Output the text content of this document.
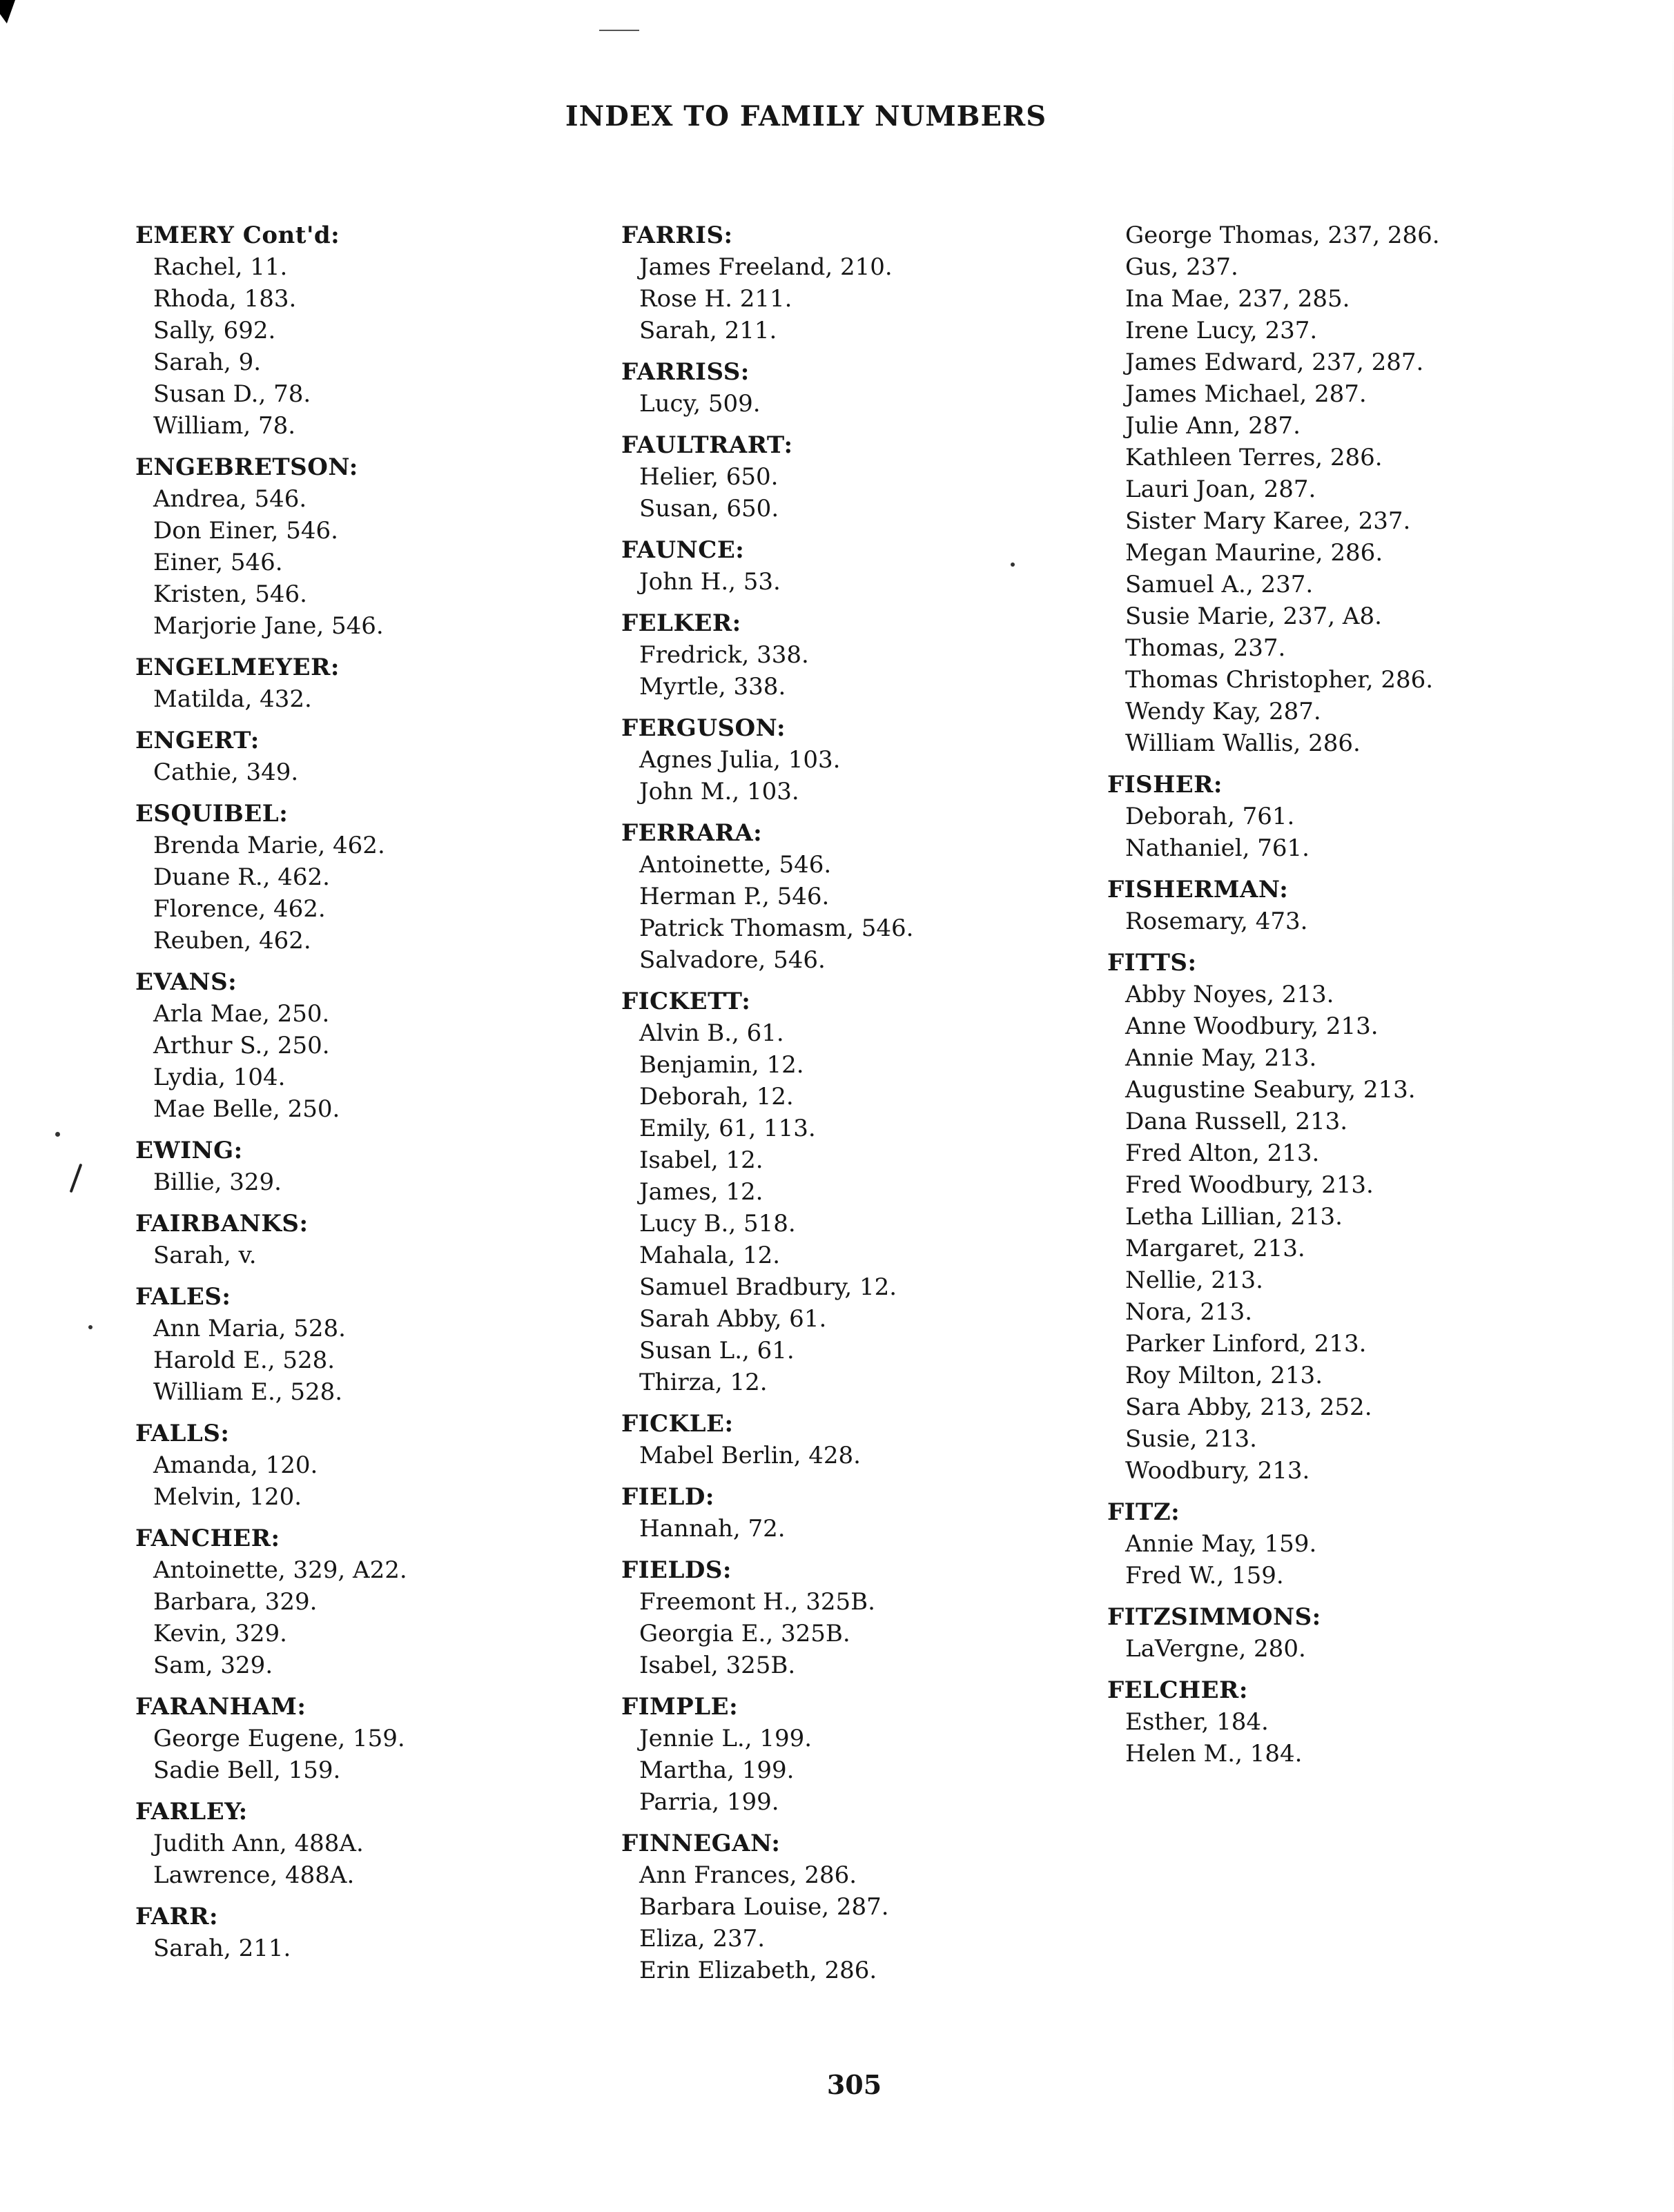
INDEX TO FAMILY NUMBERS
EMERY Cont'd:
Rachel, 11.
Rhoda, 183.
Sally, 692.
Sarah, 9.
Susan D., 78.
William, 78.
ENGEBRETSON:
Andrea, 546.
Don Einer, 546.
Einer, 546.
Kristen, 546.
Marjorie Jane, 546.
ENGELMEYER:
Matilda, 432.
ENGERT:
Cathie, 349.
ESQUIBEL:
Brenda Marie, 462.
Duane R., 462.
Florence, 462.
Reuben, 462.
EVANS:
Arla Mae, 250.
Arthur S., 250.
Lydia, 104.
Mae Belle, 250.
EWING:
Billie, 329.
FAIRBANKS:
Sarah, v.
FALES:
Ann Maria, 528.
Harold E., 528.
William E., 528.
FALLS:
Amanda, 120.
Melvin, 120.
FANCHER:
Antoinette, 329, A22.
Barbara, 329.
Kevin, 329.
Sam, 329.
FARANHAM:
George Eugene, 159.
Sadie Bell, 159.
FARLEY:
Judith Ann, 488A.
Lawrence, 488A.
FARR:
Sarah, 211.
FARRIS:
James Freeland, 210.
Rose H. 211.
Sarah, 211.
FARRISS:
Lucy, 509.
FAULTRART:
Helier, 650.
Susan, 650.
FAUNCE:
John H., 53.
FELKER:
Fredrick, 338.
Myrtle, 338.
FERGUSON:
Agnes Julia, 103.
John M., 103.
FERRARA:
Antoinette, 546.
Herman P., 546.
Patrick Thomasm, 546.
Salvadore, 546.
FICKETT:
Alvin B., 61.
Benjamin, 12.
Deborah, 12.
Emily, 61, 113.
Isabel, 12.
James, 12.
Lucy B., 518.
Mahala, 12.
Samuel Bradbury, 12.
Sarah Abby, 61.
Susan L., 61.
Thirza, 12.
FICKLE:
Mabel Berlin, 428.
FIELD:
Hannah, 72.
FIELDS:
Freemont H., 325B.
Georgia E., 325B.
Isabel, 325B.
FIMPLE:
Jennie L., 199.
Martha, 199.
Parria, 199.
FINNEGAN:
Ann Frances, 286.
Barbara Louise, 287.
Eliza, 237.
Erin Elizabeth, 286.
George Thomas, 237, 286.
Gus, 237.
Ina Mae, 237, 285.
Irene Lucy, 237.
James Edward, 237, 287.
James Michael, 287.
Julie Ann, 287.
Kathleen Terres, 286.
Lauri Joan, 287.
Sister Mary Karee, 237.
Megan Maurine, 286.
Samuel A., 237.
Susie Marie, 237, A8.
Thomas, 237.
Thomas Christopher, 286.
Wendy Kay, 287.
William Wallis, 286.
FISHER:
Deborah, 761.
Nathaniel, 761.
FISHERMAN:
Rosemary, 473.
FITTS:
Abby Noyes, 213.
Anne Woodbury, 213.
Annie May, 213.
Augustine Seabury, 213.
Dana Russell, 213.
Fred Alton, 213.
Fred Woodbury, 213.
Letha Lillian, 213.
Margaret, 213.
Nellie, 213.
Nora, 213.
Parker Linford, 213.
Roy Milton, 213.
Sara Abby, 213, 252.
Susie, 213.
Woodbury, 213.
FITZ:
Annie May, 159.
Fred W., 159.
FITZSIMMONS:
LaVergne, 280.
FELCHER:
Esther, 184.
Helen M., 184.
305
